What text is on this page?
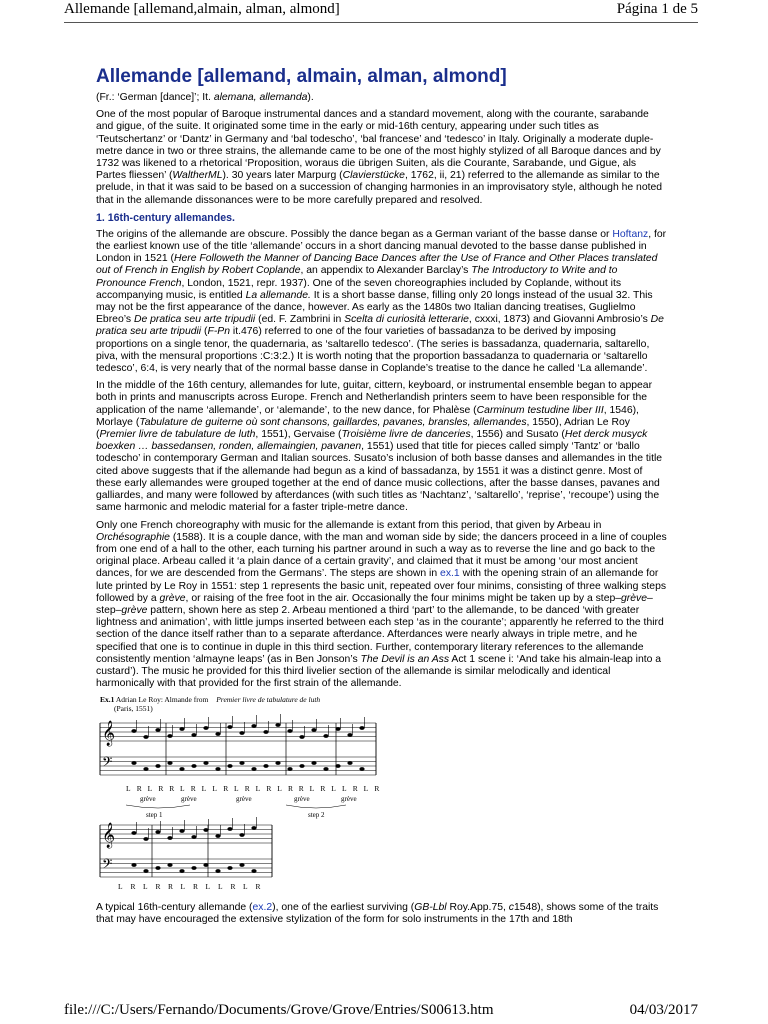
Allemande [allemand,almain, alman, almond]	Página 1 de 5
Allemande [allemand, almain, alman, almond]

(Fr.: ‘German [dance]’; It. alemana, allemanda).

One of the most popular of Baroque instrumental dances and a standard movement, along with the courante, sarabande and gigue, of the suite. It originated some time in the early or mid-16th century, appearing under such titles as ‘Teutschertanz’ or ‘Dantz’ in Germany and ‘bal todescho’, ‘bal francese’ and ‘tedesco’ in Italy. Originally a moderate duple-metre dance in two or three strains, the allemande came to be one of the most highly stylized of all Baroque dances and by 1732 was likened to a rhetorical ‘Proposition, woraus die übrigen Suiten, als die Courante, Sarabande, und Gigue, als Partes fliessen’ (WaltherML). 30 years later Marpurg (Clavierstücke, 1762, ii, 21) referred to the allemande as similar to the prelude, in that it was said to be based on a succession of changing harmonies in an improvisatory style, although he noted that in the allemande dissonances were to be more carefully prepared and resolved.

1. 16th-century allemandes.

The origins of the allemande are obscure. Possibly the dance began as a German variant of the basse danse or Hoftanz, for the earliest known use of the title ‘allemande’ occurs in a short dancing manual devoted to the basse danse published in London in 1521 (Here Followeth the Manner of Dancing Bace Dances after the Use of France and Other Places translated out of French in English by Robert Coplande, an appendix to Alexander Barclay’s The Introductory to Write and to Pronounce French, London, 1521, repr. 1937). One of the seven choreographies included by Coplande, without its accompanying music, is entitled La allemande. It is a short basse danse, filling only 20 longs instead of the usual 32. This may not be the first appearance of the dance, however. As early as the 1480s two Italian dancing treatises, Guglielmo Ebreo’s De pratica seu arte tripudii (ed. F. Zambrini in Scelta di curiosità letterarie, cxxxi, 1873) and Giovanni Ambrosio’s De pratica seu arte tripudii (F-Pn it.476) referred to one of the four varieties of bassadanza to be derived by imposing proportions on a single tenor, the quadernaria, as ‘saltarello tedesco’. (The series is bassadanza, quadernaria, saltarello, piva, with the mensural proportions :C:3:2.) It is worth noting that the proportion bassadanza to quadernaria or ‘saltarello tedesco’, 6:4, is very nearly that of the normal basse danse in Coplande’s treatise to the dance he called ‘La allemande’.

In the middle of the 16th century, allemandes for lute, guitar, cittern, keyboard, or instrumental ensemble began to appear both in prints and manuscripts across Europe. French and Netherlandish printers seem to have been responsible for the application of the name ‘allemande’, or ‘alemande’, to the new dance, for Phalèse (Carminum testudine liber III, 1546), Morlaye (Tabulature de guiterne où sont chansons, gaillardes, pavanes, bransles, allemandes, 1550), Adrian Le Roy (Premier livre de tabulature de luth, 1551), Gervaise (Troisième livre de danceries, 1556) and Susato (Het derck musyck boexken … bassedansen, ronden, allemaingien, pavanen, 1551) used that title for pieces called simply ‘Tantz’ or ‘ballo todescho’ in contemporary German and Italian sources. Susato’s inclusion of both basse danses and allemandes in the title cited above suggests that if the allemande had begun as a kind of bassadanza, by 1551 it was a distinct genre. Most of these early allemandes were grouped together at the end of dance music collections, after the basse danses, pavanes and galliardes, and many were followed by afterdances (with such titles as ‘Nachtanz’, ‘saltarello’, ‘reprise’, ‘recoupe’) using the same harmonic and melodic material for a faster triple-metre dance.

Only one French choreography with music for the allemande is extant from this period, that given by Arbeau in Orchésographie (1588). It is a couple dance, with the man and woman side by side; the dancers proceed in a line of couples from one end of a hall to the other, each turning his partner around in such a way as to reverse the line and go back to the original place. Arbeau called it ‘a plain dance of a certain gravity’, and claimed that it must be among ‘our most ancient dances, for we are descended from the Germans’. The steps are shown in ex.1 with the opening strain of an allemande for lute printed by Le Roy in 1551: step 1 represents the basic unit, repeated over four minims, consisting of three walking steps followed by a grève, or raising of the free foot in the air. Occasionally the four minims might be taken up by a step–grève–step–grève pattern, shown here as step 2. Arbeau mentioned a third ‘part’ to the allemande, to be danced ‘with greater lightness and animation’, with little jumps inserted between each step ‘as in the courante’; apparently he referred to the third section of the dance itself rather than to a separate afterdance. Afterdances were nearly always in triple metre, and he specified that one is to continue in duple in this third section. Further, contemporary literary references to the allemande consistently mention ‘almayne leaps’ (as in Ben Jonson’s The Devil is an Ass Act 1 scene i: ‘And take his almain-leap into a custard’). The music he provided for this third livelier section of the allemande is similar melodically and identical harmonically with that provided for the first strain of the allemande.

Ex.1 Adrian Le Roy: Almande from Premier livre de tabulature de luth
(Paris, 1551)
𝄞
𝄢
L R L R R L R L L R L R L R L R R L R L L R L R
grève	grève	grève	grève	grève
step 1	step 2
𝄞
𝄢
L R L R R L R L L R L R

A typical 16th-century allemande (ex.2), one of the earliest surviving (GB-Lbl Roy.App.75, c1548), shows some of the traits that may have encouraged the extensive stylization of the form for solo instruments in the 17th and 18th

file:///C:/Users/Fernando/Documents/Grove/Grove/Entries/S00613.htm	04/03/2017
